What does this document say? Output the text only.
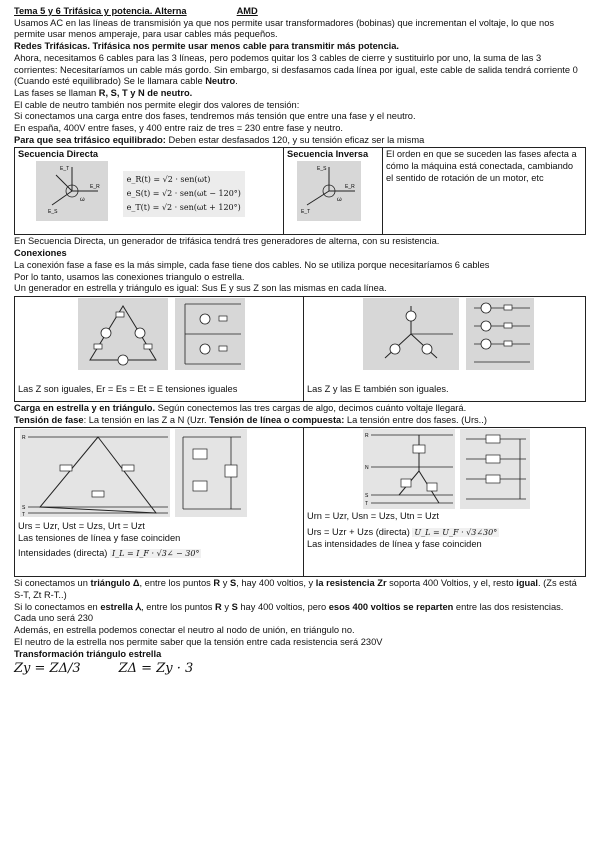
Tema 5 y 6 Trifásica y potencia. Alterna	AMD

Usamos AC en las líneas de transmisión ya que nos permite usar transformadores (bobinas) que incrementan el voltaje, lo que nos permite usar menos amperaje, para usar cables más pequeños.

Redes Trifásicas. Trifásica nos permite usar menos cable para transmitir más potencia.

Ahora, necesitamos 6 cables para las 3 líneas, pero podemos quitar los 3 cables de cierre y sustituirlo por uno, la suma de las 3 corrientes: Necesitaríamos un cable más gordo. Sin embargo, si desfasamos cada línea por igual, este cable de salida tendrá corriente 0 (Cuando esté equilibrado) Se le llamara cable Neutro.

Las fases se llaman R, S, T y N de neutro.

El cable de neutro también nos permite elegir dos valores de tensión:

Si conectamos una carga entre dos fases, tendremos más tensión que entre una fase y el neutro.

En españa, 400V entre fases, y 400 entre raiz de tres = 230 entre fase y neutro.

Para que sea trifásico equilibrado: Deben estar desfasados 120, y su tensión eficaz ser la misma

Secuencia Directa

E_T
E_R
E_S
ω
e_R(t) = √2 · sen(ωt)
e_S(t) = √2 · sen(ωt − 120°)
e_T(t) = √2 · sen(ωt + 120°)	

Secuencia Inversa

E_S
E_R
E_T
ω

El orden en que se suceden las fases afecta a cómo la máquina está conectada, cambiando el sentido de rotación de un motor, etc

En Secuencia Directa, un generador de trifásica tendrá tres generadores de alterna, con su resistencia.

Conexiones

La conexión fase a fase es la más simple, cada fase tiene dos cables. No se utiliza porque necesitaríamos 6 cables

Por lo tanto, usamos las conexiones triangulo o estrella.

Un generador en estrella y triángulo es igual: Sus E y sus Z son las mismas en cada línea.

Las Z son iguales, Er = Es = Et = E tensiones iguales	Las Z y las E también son iguales.

Carga en estrella y en triángulo. Según conectemos las tres cargas de algo, decimos cuánto voltaje llegará.

Tensión de fase: La tensión en las Z a N (Uzr. Tensión de línea o compuesta: La tensión entre dos fases. (Urs..)

R
S
T

Urs = Uzr, Ust = Uzs, Urt = Uzt

Las tensiones de línea y fase coinciden

Intensidades (directa) I_L = I_F · √3∠ − 30°

R
N
S
T

Urn = Uzr, Usn = Uzs, Utn = Uzt

Urs = Uzr + Uzs (directa) U_L = U_F · √3∠30°

Las intensidades de línea y fase coinciden

Si conectamos un triángulo Δ, entre los puntos R y S, hay 400 voltios, y la resistencia Zr soporta 400 Voltios, y el, resto igual. (Zs está S-T, Zt R-T..)

Si lo conectamos en estrella ⅄, entre los puntos R y S hay 400 voltios, pero esos 400 voltios se reparten entre las dos resistencias. Cada uno será 230

Además, en estrella podemos conectar el neutro al nodo de unión, en triángulo no.

El neutro de la estrella nos permite saber que la tensión entre cada resistencia será 230V

Transformación triángulo estrella

Zy = ZΔ/3	ZΔ = Zy · 3
